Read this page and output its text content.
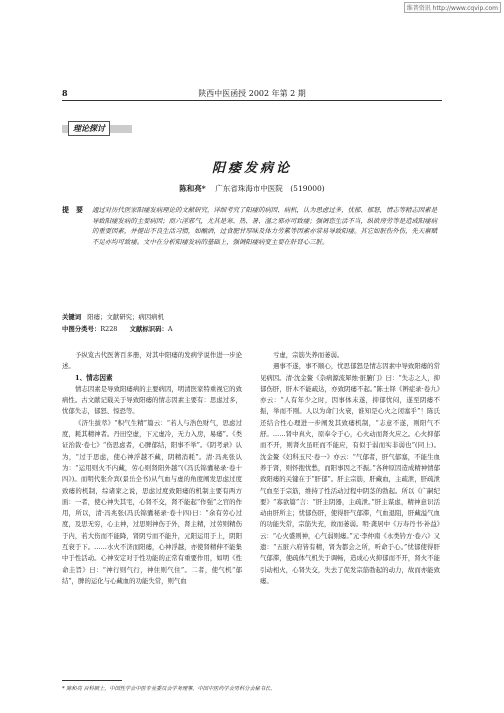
维普资讯 http://www.cqvip.com
8	陕西中医函授 2002 年第 2 期
理论探讨
阳痿发病论
陈和亮* 广东省珠海市中医院　(519000)
提　要 通过对历代医家阳痿发病理论的文献研究，详细考究了阳痿的病因、病机，认为思虑过多，忧郁、郁怒，情志等精志因素是导致阳痿发病的主要病因；而六淫邪气，尤其是寒、热、暑、湿之邪亦可致痿；强调恣生活不当，纵欲房劳等是造成阳痿病的重要因素，并提出不良生活习惯，如酗酒，过食肥甘厚味及体力劳累等因素亦常易导致阳痿。其它如脏伤外伤，先天禀赋不足亦均可致痿。文中在分析阳痿发病的基础上，强调阳痿病变主要在肝肾心三脏。
关键词 阳痿；文献研究；病因病机
中图分类号：R228 文献标识码：A

予纵览古代医著百多册，对其中阳痿的发病学说作进一步论述。

1、情志因素

情志因素是导致阳痿病的主要病因，明清医家特重视它的致病性。古文献记载关于导致阳痿的情志因素主要有：思虑过多，忧郁失志，郁怒、惊恐等。

《济生拔萃》“积气生精”篇云：“若人与浩色财气，思虑过度，耗其精神者。丹田空虚，下元虚冷，无力入房，易痿”。《类证治裁·卷七》“伤思虑者，心脾郁结，阳事不举”。《阴考录》认为，“过于思虑，使心神浮越不藏，阴精消耗”。清·冯兆张认为：“运用则火不内藏，劳心则肾阳外越”(《冯氏锦囊秘录·卷十四》)。而明代张介宾(景岳全书)从气血与虚的角度阐发思虑过度致痿的机制，综诸家之说，思虑过度致阳痿的机制主要有两方面：一者，使心神失其宅，心肾不交，肾不能起“作强”之官的作用，所以，清·冯兆张(冯氏锦囊秘录·卷十四)曰：“余有劳心过度，及思无穷，心主神，过思则神伤于外，肾主精，过劳则精伤于内，若大伤而不能降，肾阴亏而不能升，元阳运用于上，阴阳互衰于下。……水火不济而阳痿，心神浮越，亦使肾精伸不能集中于性活动。心神安定对于性功能的正常有重要作用，如明《性命圭旨》曰：“神行则气行，神住则气住”。二者，使气机“郁结”，脾的运化与心藏血的功能失常，则气血

亏虚，宗筋失养而萎弱。

遇事不遂，事不顺心，忧思郁怒是情志因素中导致阳痿的常见病因。清·沈金鳌《杂病源流犀烛·脏腑门》曰：“失志之人，抑郁伤肝，肝木不能疏达，亦致阴痿不起。”陈士铎《辨症录·卷九》亦云：“人有年少之时，因事体未遂，抑郁忧闷，遂至阴痿不振，举而不刚。人以为命门火衰，谁知是心火之闭塞乎”！陈氏还结合性心理进一步阐发其致痿机制，“志意不遂，则阳气不舒。……肾中真火，原奉令于心，心火动而肾火应之。心火抑郁而不开，则肾火虽旺而不能应，有似于弱而实非弱也”(同上)。沈金鳌《妇科玉尺·卷一》亦云：“气郁者，肝气郁塞，不能生血养于肾，则怀抱忧愁，而阳事因之不振。”各种原因造成精神情郁致阳痿的关键在于“肝郁”。肝主宗筋，肝藏血，主疏泄，肝疏泄气血至于宗筋，维持了性活动过程中阴茎的勃起。所以《广嗣纪要》“寡欲篇”言：“肝主阴器，主疏泄。”肝主谋虑，精神意识活动由肝所主；忧郁伤肝，使得肝气郁滞，气血退阻，肝藏溢气血的功能失常，宗筋失充，故而萎弱。明·龚居中《万寿丹书·补益》云：“心火盛则神，心气弱则痿。”元·李仲南《永类钤方·卷六》又遗：“五脏六府皆有精，肾为都会之所，听命于心。”忧郁使得肝气郁滞，使疏体气机失于调畅，造成心火抑郁而不开，肾火不能引动相火，心肾失交，失去了促发宗筋勃起的动力，故而亦能致痿。

* 陈和亮 百科硕士，中国性学会中医专业委员会学务理事，中国中医药学会男科分会秘书长。
